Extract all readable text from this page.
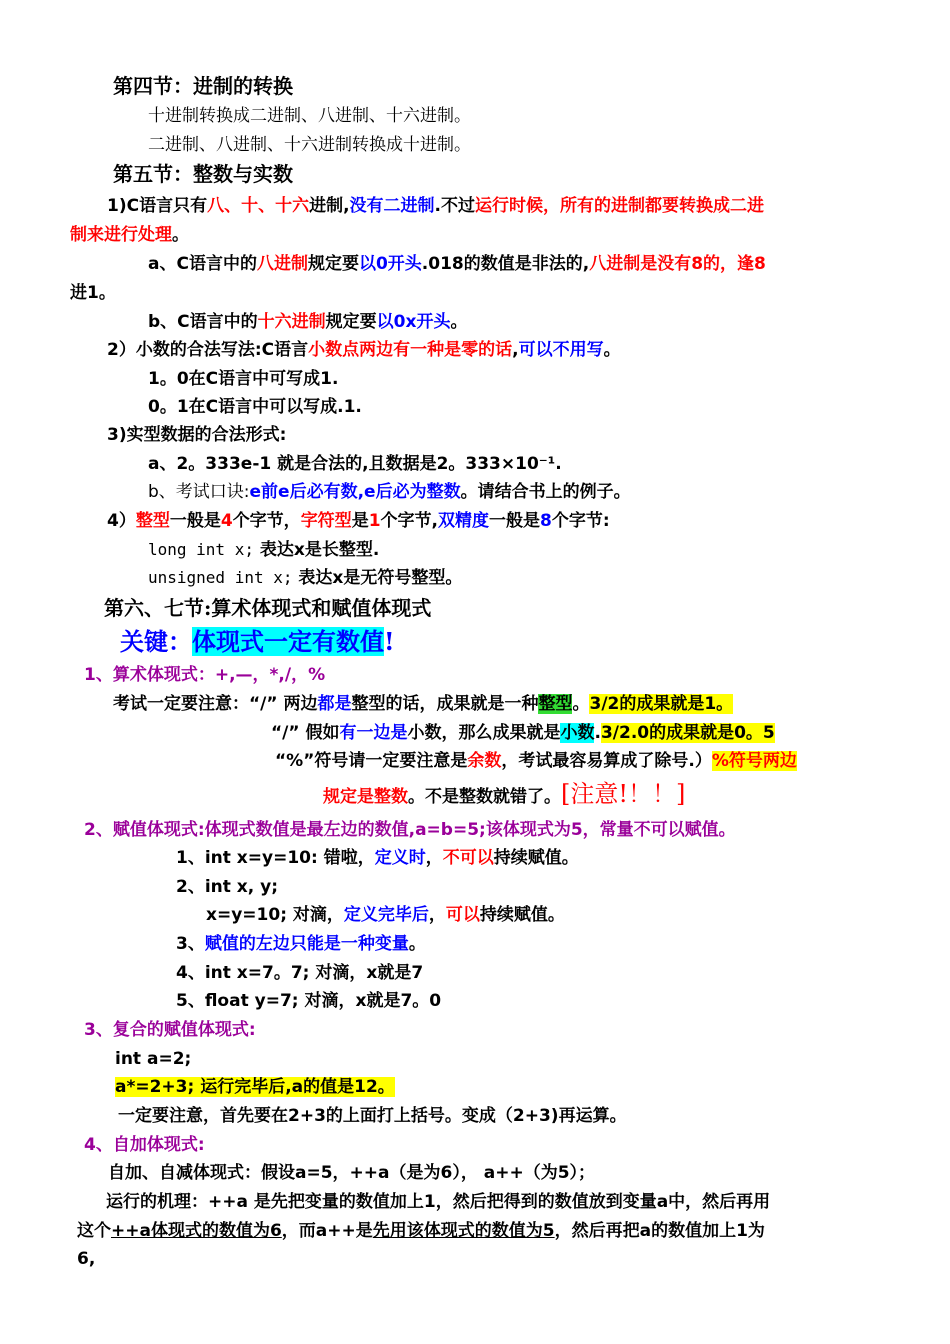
第四节：进制的转换
十进制转换成二进制、八进制、十六进制。
二进制、八进制、十六进制转换成十进制。
第五节：整数与实数
1)C语言只有八、十、十六进制,没有二进制.不过运行时候，所有的进制都要转换成二进
制来进行处理。
a、C语言中的八进制规定要以0开头.018的数值是非法的,八进制是没有8的，逢8
进1。
b、C语言中的十六进制规定要以0x开头。
2）小数的合法写法:C语言小数点两边有一种是零的话,可以不用写。
1。0在C语言中可写成1.
0。1在C语言中可以写成.1.
3)实型数据的合法形式:
a、2。333e-1 就是合法的,且数据是2。333×10⁻¹.
b、考试口诀:e前e后必有数,e后必为整数。请结合书上的例子。
4）整型一般是4个字节，字符型是1个字节,双精度一般是8个字节:
long int x; 表达x是长整型.
unsigned int x; 表达x是无符号整型。
第六、七节:算术体现式和赋值体现式
关键：体现式一定有数值!
1、算术体现式：+,—，*,/，%
考试一定要注意：“/” 两边都是整型的话，成果就是一种整型。3/2的成果就是1。
“/” 假如有一边是小数，那么成果就是小数.3/2.0的成果就是0。5
“%”符号请一定要注意是余数，考试最容易算成了除号.）%符号两边
规定是整数。不是整数就错了。[注意!！！]
2、赋值体现式:体现式数值是最左边的数值,a=b=5;该体现式为5，常量不可以赋值。
1、int x=y=10: 错啦，定义时，不可以持续赋值。
2、int x, y;
x=y=10; 对滴，定义完毕后，可以持续赋值。
3、赋值的左边只能是一种变量。
4、int x=7。7; 对滴，x就是7
5、float y=7; 对滴，x就是7。0
3、复合的赋值体现式:
int a=2;
a*=2+3; 运行完毕后,a的值是12。
一定要注意，首先要在2+3的上面打上括号。变成（2+3)再运算。
4、自加体现式:
自加、自减体现式：假设a=5，++a（是为6）， a++（为5）；
运行的机理：++a 是先把变量的数值加上1，然后把得到的数值放到变量a中，然后再用
这个++a体现式的数值为6，而a++是先用该体现式的数值为5，然后再把a的数值加上1为
6,
